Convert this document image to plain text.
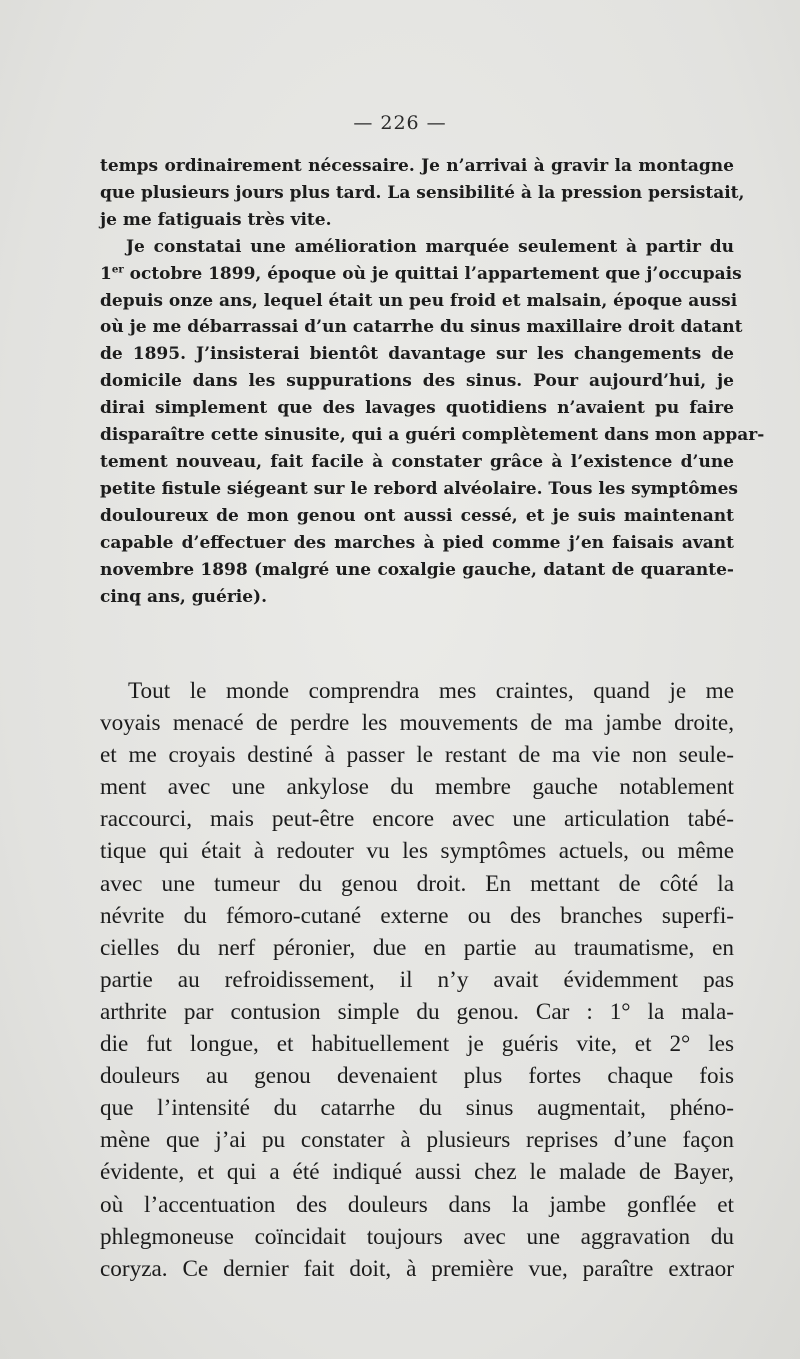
— 226 —
temps ordinairement nécessaire. Je n’arrivai à gravir la montagne
que plusieurs jours plus tard. La sensibilité à la pression persistait,
je me fatiguais très vite.
Je constatai une amélioration marquée seulement à partir du
1er octobre 1899, époque où je quittai l’appartement que j’occupais
depuis onze ans, lequel était un peu froid et malsain, époque aussi
où je me débarrassai d’un catarrhe du sinus maxillaire droit datant
de 1895. J’insisterai bientôt davantage sur les changements de
domicile dans les suppurations des sinus. Pour aujourd’hui, je
dirai simplement que des lavages quotidiens n’avaient pu faire
disparaître cette sinusite, qui a guéri complètement dans mon appar-
tement nouveau, fait facile à constater grâce à l’existence d’une
petite fistule siégeant sur le rebord alvéolaire. Tous les symptômes
douloureux de mon genou ont aussi cessé, et je suis maintenant
capable d’effectuer des marches à pied comme j’en faisais avant
novembre 1898 (malgré une coxalgie gauche, datant de quarante-
cinq ans, guérie).
Tout le monde comprendra mes craintes, quand je me
voyais menacé de perdre les mouvements de ma jambe droite,
et me croyais destiné à passer le restant de ma vie non seule-
ment avec une ankylose du membre gauche notablement
raccourci, mais peut-être encore avec une articulation tabé-
tique qui était à redouter vu les symptômes actuels, ou même
avec une tumeur du genou droit. En mettant de côté la
névrite du fémoro-cutané externe ou des branches superfi-
cielles du nerf péronier, due en partie au traumatisme, en
partie au refroidissement, il n’y avait évidemment pas
arthrite par contusion simple du genou. Car : 1° la mala-
die fut longue, et habituellement je guéris vite, et 2° les
douleurs au genou devenaient plus fortes chaque fois
que l’intensité du catarrhe du sinus augmentait, phéno-
mène que j’ai pu constater à plusieurs reprises d’une façon
évidente, et qui a été indiqué aussi chez le malade de Bayer,
où l’accentuation des douleurs dans la jambe gonflée et
phlegmoneuse coïncidait toujours avec une aggravation du
coryza. Ce dernier fait doit, à première vue, paraître extraor
